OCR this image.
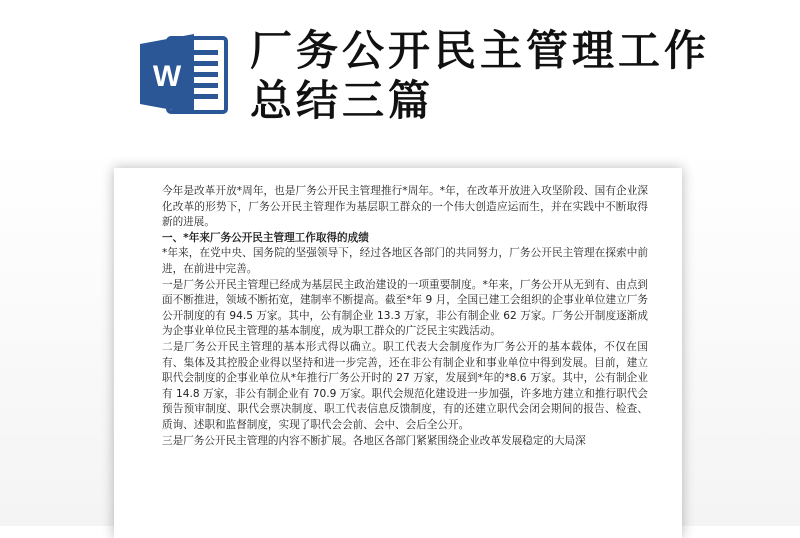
W
厂务公开民主管理工作总结三篇

今年是改革开放*周年，也是厂务公开民主管理推行*周年。*年，在改革开放进入攻坚阶段、国有企业深化改革的形势下，厂务公开民主管理作为基层职工群众的一个伟大创造应运而生，并在实践中不断取得新的进展。

一、*年来厂务公开民主管理工作取得的成绩

*年来，在党中央、国务院的坚强领导下，经过各地区各部门的共同努力，厂务公开民主管理在探索中前进，在前进中完善。

一是厂务公开民主管理已经成为基层民主政治建设的一项重要制度。*年来，厂务公开从无到有、由点到面不断推进，领域不断拓宽，建制率不断提高。截至*年 9 月，全国已建工会组织的企事业单位建立厂务公开制度的有 94.5 万家。其中，公有制企业 13.3 万家，非公有制企业 62 万家。厂务公开制度逐渐成为企事业单位民主管理的基本制度，成为职工群众的广泛民主实践活动。

二是厂务公开民主管理的基本形式得以确立。职工代表大会制度作为厂务公开的基本载体，不仅在国有、集体及其控股企业得以坚持和进一步完善，还在非公有制企业和事业单位中得到发展。目前，建立职代会制度的企事业单位从*年推行厂务公开时的 27 万家，发展到*年的*8.6 万家。其中，公有制企业有 14.8 万家，非公有制企业有 70.9 万家。职代会规范化建设进一步加强，许多地方建立和推行职代会预告预审制度、职代会票决制度、职工代表信息反馈制度，有的还建立职代会闭会期间的报告、检查、质询、述职和监督制度，实现了职代会会前、会中、会后全公开。

三是厂务公开民主管理的内容不断扩展。各地区各部门紧紧围绕企业改革发展稳定的大局深
